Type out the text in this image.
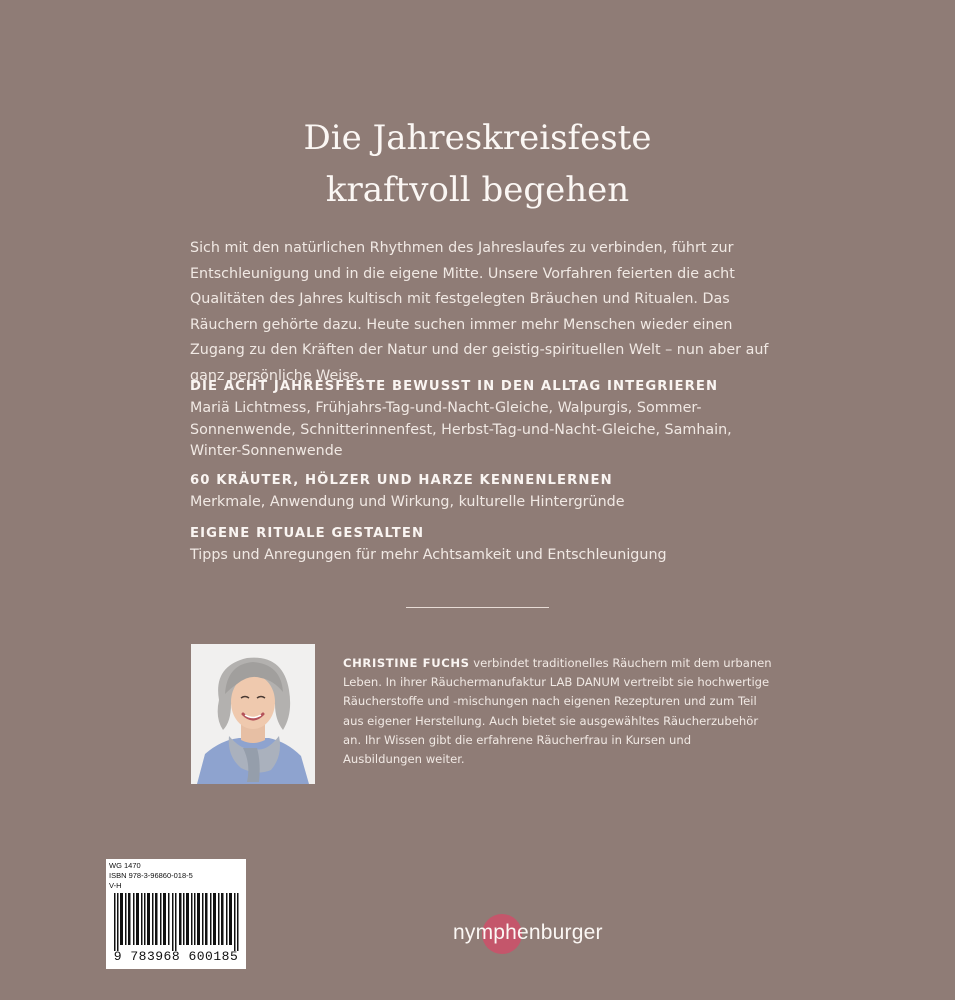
Die Jahreskreisfeste
kraftvoll begehen

Sich mit den natürlichen Rhythmen des Jahreslaufes zu verbinden, führt zur Entschleunigung und in die eigene Mitte. Unsere Vorfahren feierten die acht Qualitäten des Jahres kultisch mit festgelegten Bräuchen und Ritualen. Das Räuchern gehörte dazu. Heute suchen immer mehr Menschen wieder einen Zugang zu den Kräften der Natur und der geistig-spirituellen Welt – nun aber auf ganz persönliche Weise.

DIE ACHT JAHRESFESTE BEWUSST IN DEN ALLTAG INTEGRIEREN

Mariä Lichtmess, Frühjahrs-Tag-und-Nacht-Gleiche, Walpurgis, Sommer-Sonnenwende, Schnitterinnenfest, Herbst-Tag-und-Nacht-Gleiche, Samhain, Winter-Sonnenwende

60 KRÄUTER, HÖLZER UND HARZE KENNENLERNEN

Merkmale, Anwendung und Wirkung, kulturelle Hintergründe

EIGENE RITUALE GESTALTEN

Tipps und Anregungen für mehr Achtsamkeit und Entschleunigung

CHRISTINE FUCHS verbindet traditionelles Räuchern mit dem urbanen Leben. In ihrer Räuchermanufaktur LAB DANUM vertreibt sie hochwertige Räucherstoffe und -mischungen nach eigenen Rezepturen und zum Teil aus eigener Herstellung. Auch bietet sie ausgewähltes Räucherzubehör an. Ihr Wissen gibt die erfahrene Räucherfrau in Kursen und Ausbildungen weiter.

WG 1470
ISBN 978-3-96860-018-5
V-H
9 783968 600185
nymphenburger
